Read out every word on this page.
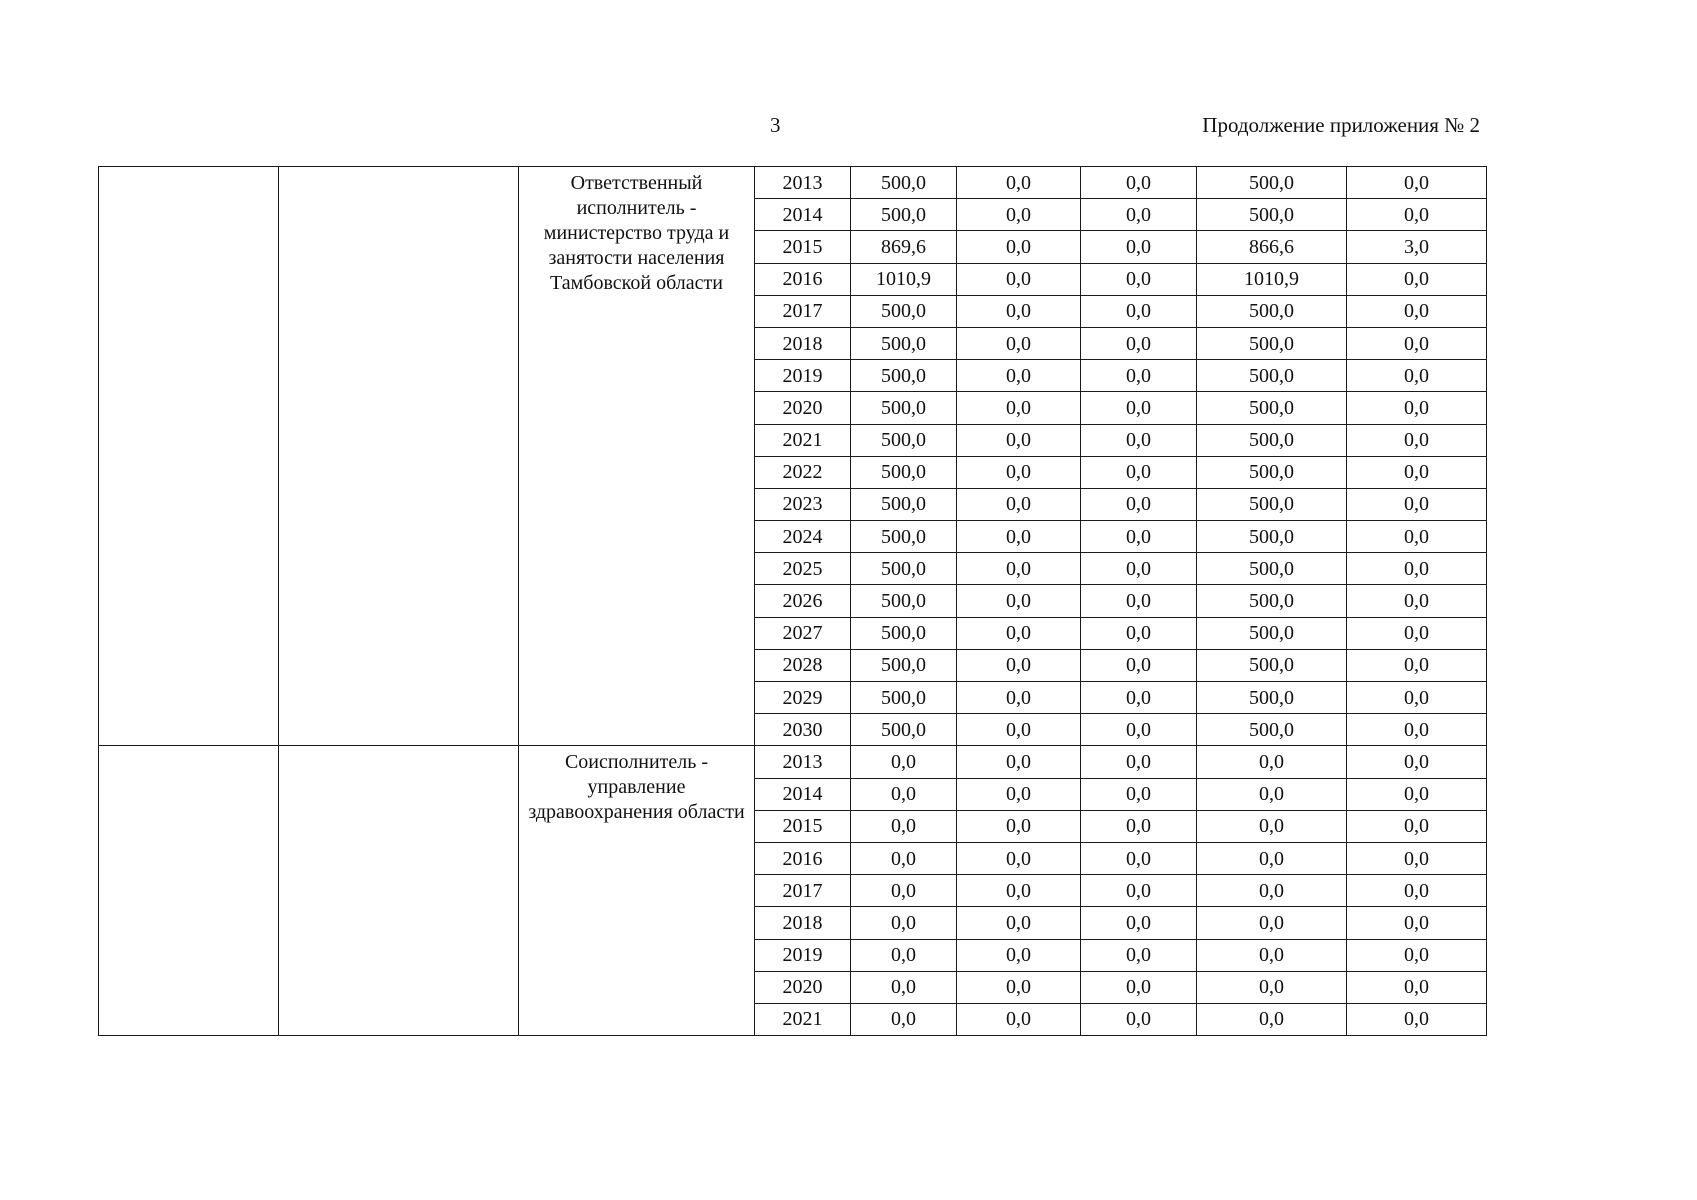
3	Продолжение приложения № 2
		Ответственный исполнитель - министерство труда и занятости населения Тамбовской области	2013	500,0	0,0	0,0	500,0	0,0
			2014	500,0	0,0	0,0	500,0	0,0
			2015	869,6	0,0	0,0	866,6	3,0
			2016	1010,9	0,0	0,0	1010,9	0,0
			2017	500,0	0,0	0,0	500,0	0,0
			2018	500,0	0,0	0,0	500,0	0,0
			2019	500,0	0,0	0,0	500,0	0,0
			2020	500,0	0,0	0,0	500,0	0,0
			2021	500,0	0,0	0,0	500,0	0,0
			2022	500,0	0,0	0,0	500,0	0,0
			2023	500,0	0,0	0,0	500,0	0,0
			2024	500,0	0,0	0,0	500,0	0,0
			2025	500,0	0,0	0,0	500,0	0,0
			2026	500,0	0,0	0,0	500,0	0,0
			2027	500,0	0,0	0,0	500,0	0,0
			2028	500,0	0,0	0,0	500,0	0,0
			2029	500,0	0,0	0,0	500,0	0,0
			2030	500,0	0,0	0,0	500,0	0,0
		Соисполнитель - управление здравоохранения области	2013	0,0	0,0	0,0	0,0	0,0
			2014	0,0	0,0	0,0	0,0	0,0
			2015	0,0	0,0	0,0	0,0	0,0
			2016	0,0	0,0	0,0	0,0	0,0
			2017	0,0	0,0	0,0	0,0	0,0
			2018	0,0	0,0	0,0	0,0	0,0
			2019	0,0	0,0	0,0	0,0	0,0
			2020	0,0	0,0	0,0	0,0	0,0
			2021	0,0	0,0	0,0	0,0	0,0
